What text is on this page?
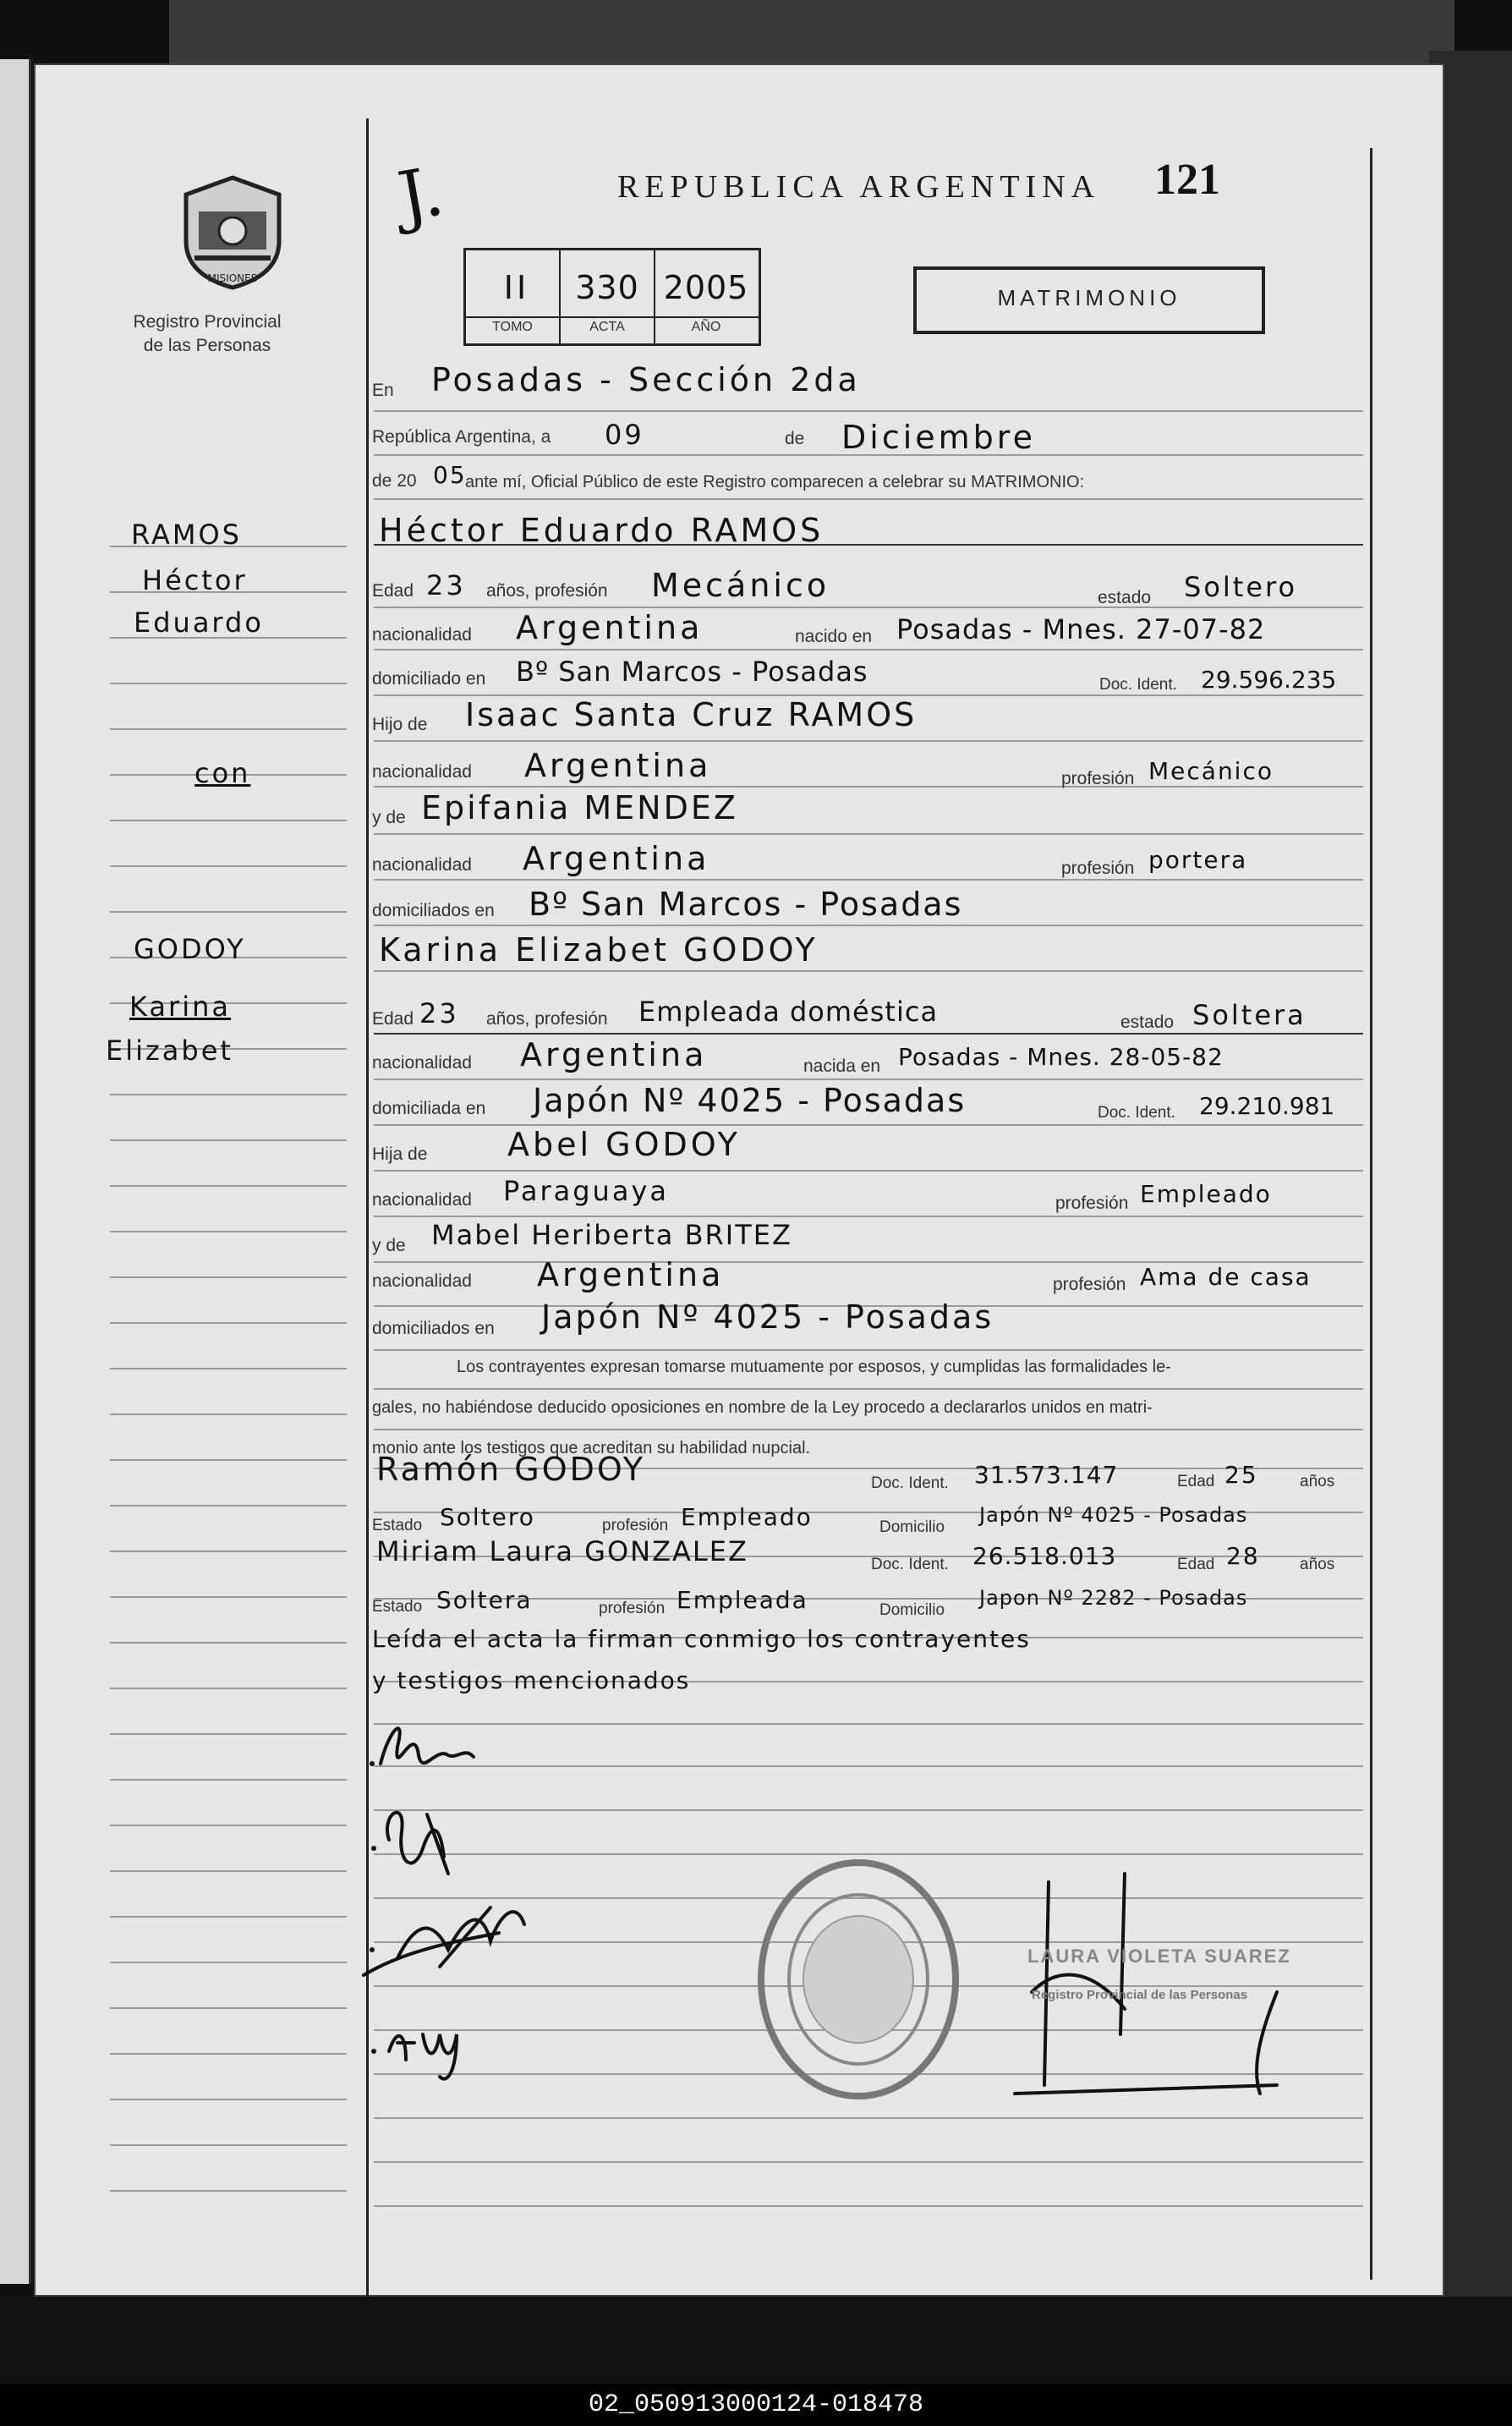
MISIONES
Registro Provincial
de las Personas
J.	REPUBLICA ARGENTINA 121
II	330 2005
TOMO	ACTA	AÑO
MATRIMONIO
RAMOS
Héctor
Eduardo
con
GODOY
Karina
Elizabet
En Posadas - Sección 2da
República Argentina, a 09	de Diciembre
de 20 05
ante mí, Oficial Público de este Registro comparecen a celebrar su MATRIMONIO:
Héctor Eduardo RAMOS
Edad 23 años, profesión Mecánico	estado Soltero
nacionalidad Argentina	nacido en Posadas - Mnes. 27-07-82
domiciliado en Bº San Marcos - Posadas	Doc. Ident. 29.596.235
Hijo de Isaac Santa Cruz RAMOS
nacionalidad Argentina	profesión Mecánico
y de Epifania MENDEZ
nacionalidad Argentina	profesión portera
domiciliados en Bº San Marcos - Posadas
Karina Elizabet GODOY
Edad 23 años, profesión Empleada doméstica	estado Soltera
nacionalidad Argentina	nacida en Posadas - Mnes. 28-05-82
domiciliada en Japón Nº 4025 - Posadas	Doc. Ident. 29.210.981
Hija de Abel GODOY
nacionalidad Paraguaya	profesión Empleado
y de Mabel Heriberta BRITEZ
nacionalidad Argentina	profesión Ama de casa
domiciliados en Japón Nº 4025 - Posadas
Los contrayentes expresan tomarse mutuamente por esposos, y cumplidas las formalidades le-
gales, no habiéndose deducido oposiciones en nombre de la Ley procedo a declararlos unidos en matri-
monio ante los testigos que acreditan su habilidad nupcial.
Ramón GODOY	Doc. Ident. 31.573.147	Edad 25	años
Estado Soltero	profesión Empleado	Domicilio
Japón Nº 4025 - Posadas
Miriam Laura GONZALEZ	Doc. Ident. 26.518.013	Edad 28 años
Estado Soltera	profesión Empleada	Domicilio
Japon Nº 2282 - Posadas
Leída el acta la firman conmigo los contrayentes
y testigos mencionados
LAURA VIOLETA SUAREZ
Registro Provincial de las Personas
02_050913000124-018478
